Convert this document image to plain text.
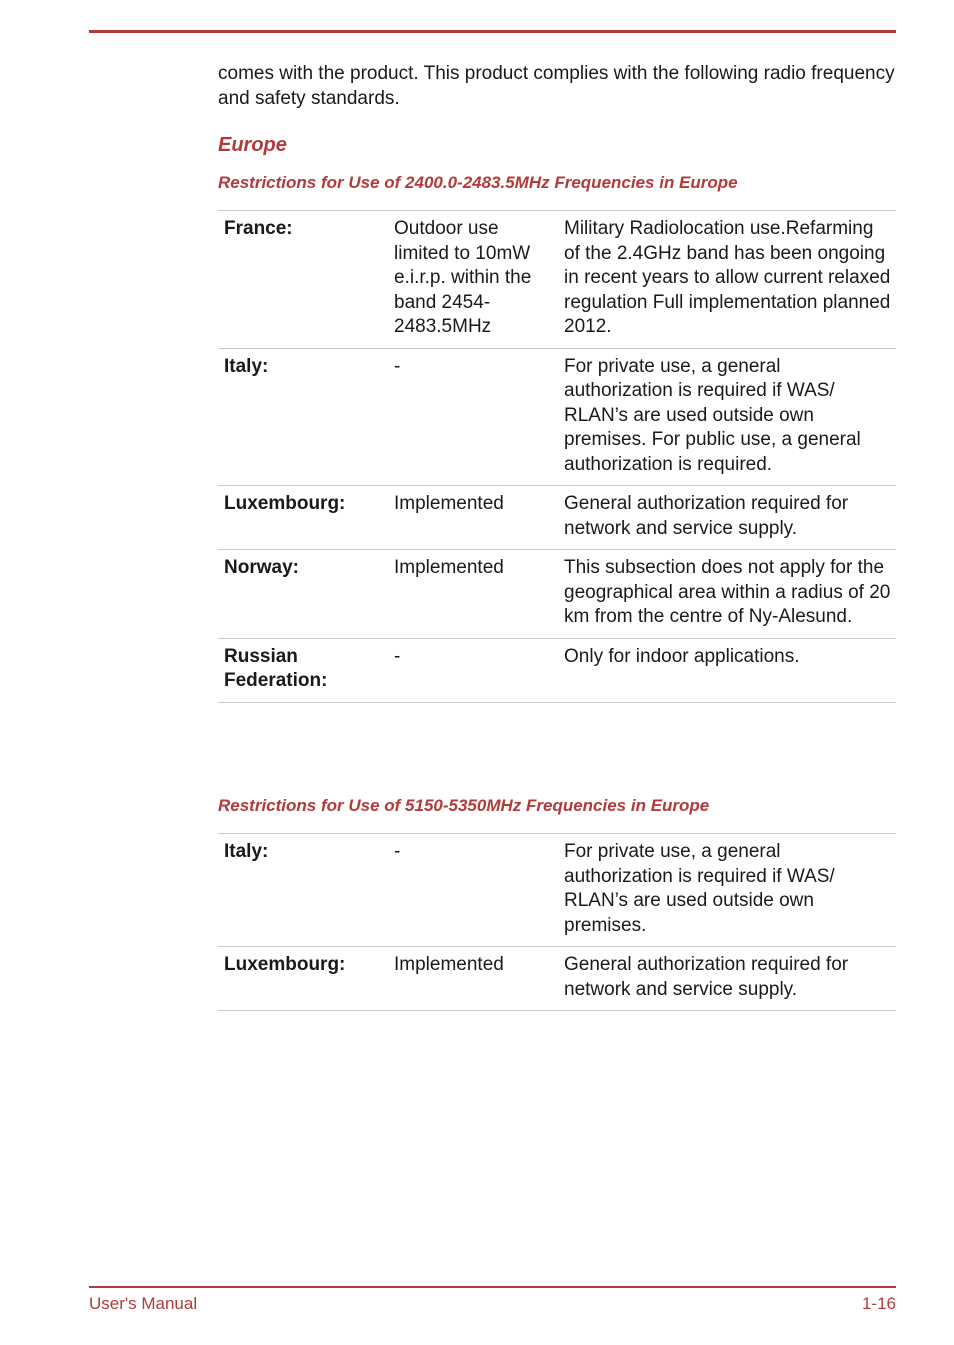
comes with the product. This product complies with the following radio frequency and safety standards.

Europe
Restrictions for Use of 2400.0-2483.5MHz Frequencies in Europe
France:	Outdoor use limited to 10mW e.i.r.p. within the band 2454-2483.5MHz	Military Radiolocation use.Refarming of the 2.4GHz band has been ongoing in recent years to allow current relaxed regulation Full implementation planned 2012.
Italy:	-	For private use, a general authorization is required if WAS/ RLAN’s are used outside own premises. For public use, a general authorization is required.
Luxembourg:	Implemented	General authorization required for network and service supply.
Norway:	Implemented	This subsection does not apply for the geographical area within a radius of 20 km from the centre of Ny-Alesund.
Russian Federation:	-	Only for indoor applications.
Restrictions for Use of 5150-5350MHz Frequencies in Europe
Italy:	-	For private use, a general authorization is required if WAS/ RLAN’s are used outside own premises.
Luxembourg:	Implemented	General authorization required for network and service supply.
User's Manual	1-16
